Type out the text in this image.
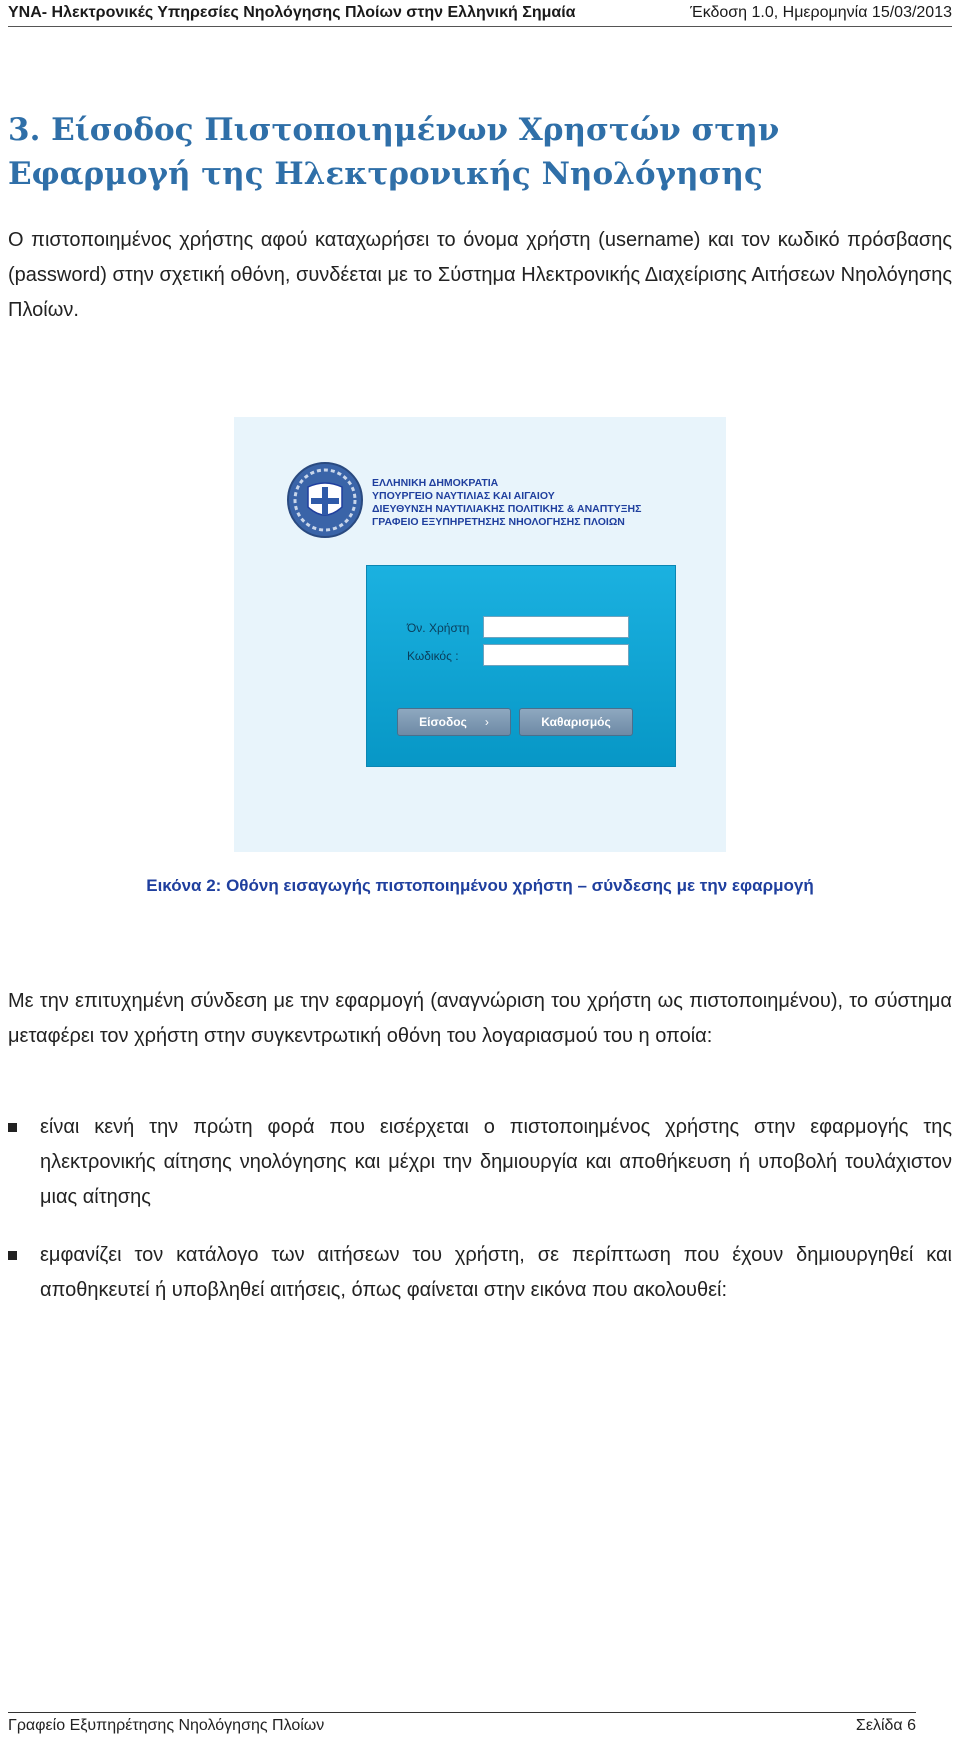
ΥΝΑ- Ηλεκτρονικές Υπηρεσίες Νηολόγησης Πλοίων στην Ελληνική Σημαία	Έκδοση 1.0, Ημερομηνία 15/03/2013
3. Είσοδος Πιστοποιημένων Χρηστών στην Εφαρμογή της Ηλεκτρονικής Νηολόγησης

Ο πιστοποιημένος χρήστης αφού καταχωρήσει το όνομα χρήστη (username) και τον κωδικό πρόσβασης (password) στην σχετική οθόνη, συνδέεται με το Σύστημα Ηλεκτρονικής Διαχείρισης Αιτήσεων Νηολόγησης Πλοίων.

ΕΛΛΗΝΙΚΗ ΔΗΜΟΚΡΑΤΙΑ
ΥΠΟΥΡΓΕΙΟ ΝΑΥΤΙΛΙΑΣ ΚΑΙ ΑΙΓΑΙΟΥ
ΔΙΕΥΘΥΝΣΗ ΝΑΥΤΙΛΙΑΚΗΣ ΠΟΛΙΤΙΚΗΣ & ΑΝΑΠΤΥΞΗΣ
ΓΡΑΦΕΙΟ ΕΞΥΠΗΡΕΤΗΣΗΣ ΝΗΟΛΟΓΗΣΗΣ ΠΛΟΙΩΝ
Όν. Χρήστη
Κωδικός :
Είσοδος ›	Καθαρισμός

Εικόνα 2: Οθόνη εισαγωγής πιστοποιημένου χρήστη – σύνδεσης με την εφαρμογή

Με την επιτυχημένη σύνδεση με την εφαρμογή (αναγνώριση του χρήστη ως πιστοποιημένου), το σύστημα μεταφέρει τον χρήστη στην συγκεντρωτική οθόνη του λογαριασμού του η οποία:

είναι κενή την πρώτη φορά που εισέρχεται ο πιστοποιημένος χρήστης στην εφαρμογής της ηλεκτρονικής αίτησης νηολόγησης και μέχρι την δημιουργία και αποθήκευση ή υποβολή τουλάχιστον μιας αίτησης
εμφανίζει τον κατάλογο των αιτήσεων του χρήστη, σε περίπτωση που έχουν δημιουργηθεί και αποθηκευτεί ή υποβληθεί αιτήσεις, όπως φαίνεται στην εικόνα που ακολουθεί:
Γραφείο Εξυπηρέτησης Νηολόγησης Πλοίων	Σελίδα 6
